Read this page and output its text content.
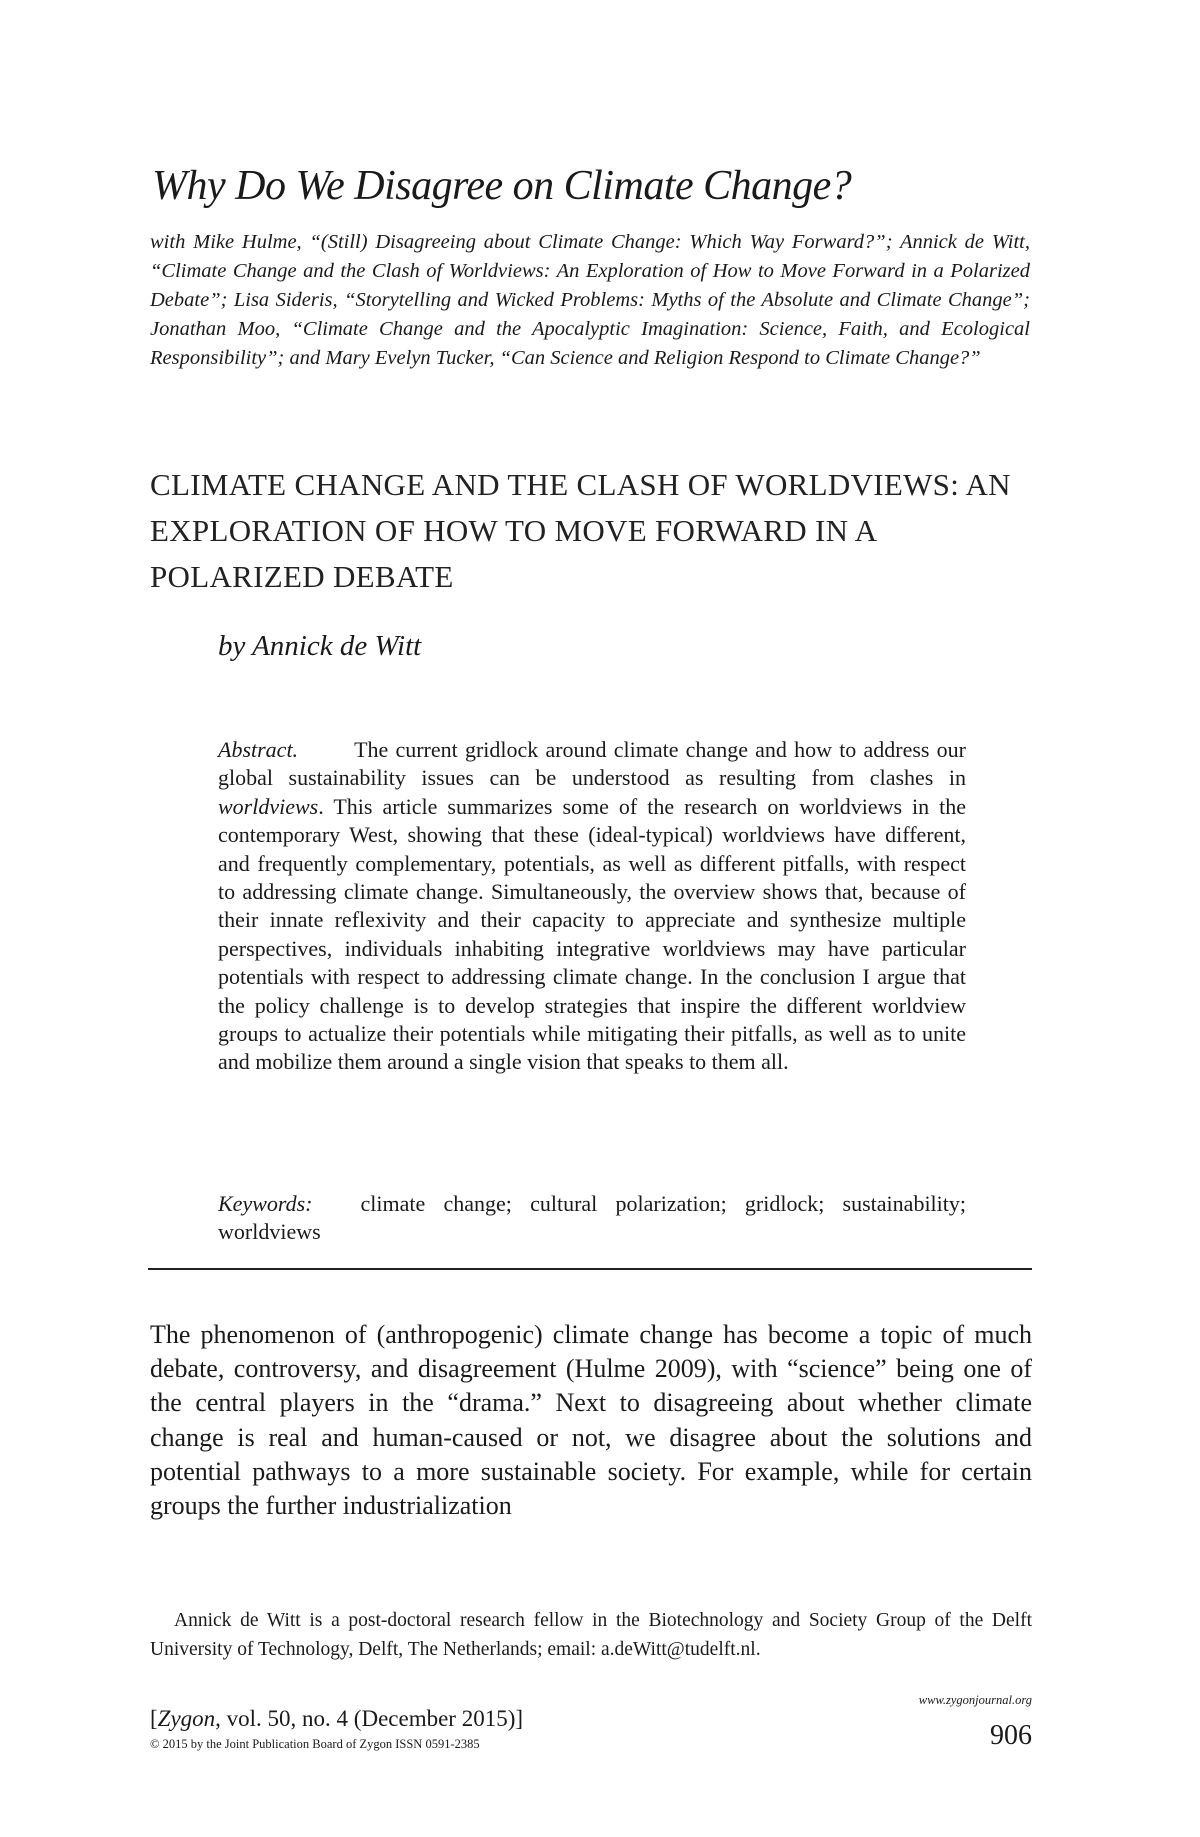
Why Do We Disagree on Climate Change?

with Mike Hulme, “(Still) Disagreeing about Climate Change: Which Way Forward?”; Annick de Witt, “Climate Change and the Clash of Worldviews: An Exploration of How to Move Forward in a Polarized Debate”; Lisa Sideris, “Storytelling and Wicked Problems: Myths of the Absolute and Climate Change”; Jonathan Moo, “Climate Change and the Apocalyptic Imagination: Science, Faith, and Ecological Responsibility”; and Mary Evelyn Tucker, “Can Science and Religion Respond to Climate Change?”

CLIMATE CHANGE AND THE CLASH OF WORLDVIEWS: AN EXPLORATION OF HOW TO MOVE FORWARD IN A POLARIZED DEBATE

by Annick de Witt

Abstract.	The current gridlock around climate change and how to address our global sustainability issues can be understood as resulting from clashes in worldviews. This article summarizes some of the research on worldviews in the contemporary West, showing that these (ideal-typical) worldviews have different, and frequently complementary, potentials, as well as different pitfalls, with respect to addressing climate change. Simultaneously, the overview shows that, because of their innate reflexivity and their capacity to appreciate and synthesize multiple perspectives, individuals inhabiting integrative worldviews may have particular potentials with respect to addressing climate change. In the conclusion I argue that the policy challenge is to develop strategies that inspire the different worldview groups to actualize their potentials while mitigating their pitfalls, as well as to unite and mobilize them around a single vision that speaks to them all.

Keywords: climate change; cultural polarization; gridlock; sustainability; worldviews

The phenomenon of (anthropogenic) climate change has become a topic of much debate, controversy, and disagreement (Hulme 2009), with “science” being one of the central players in the “drama.” Next to disagreeing about whether climate change is real and human-caused or not, we disagree about the solutions and potential pathways to a more sustainable society. For example, while for certain groups the further industrialization

Annick de Witt is a post-doctoral research fellow in the Biotechnology and Society Group of the Delft University of Technology, Delft, The Netherlands; email: a.deWitt@tudelft.nl.

[Zygon, vol. 50, no. 4 (December 2015)]

© 2015 by the Joint Publication Board of Zygon ISSN 0591-2385

www.zygonjournal.org

906
